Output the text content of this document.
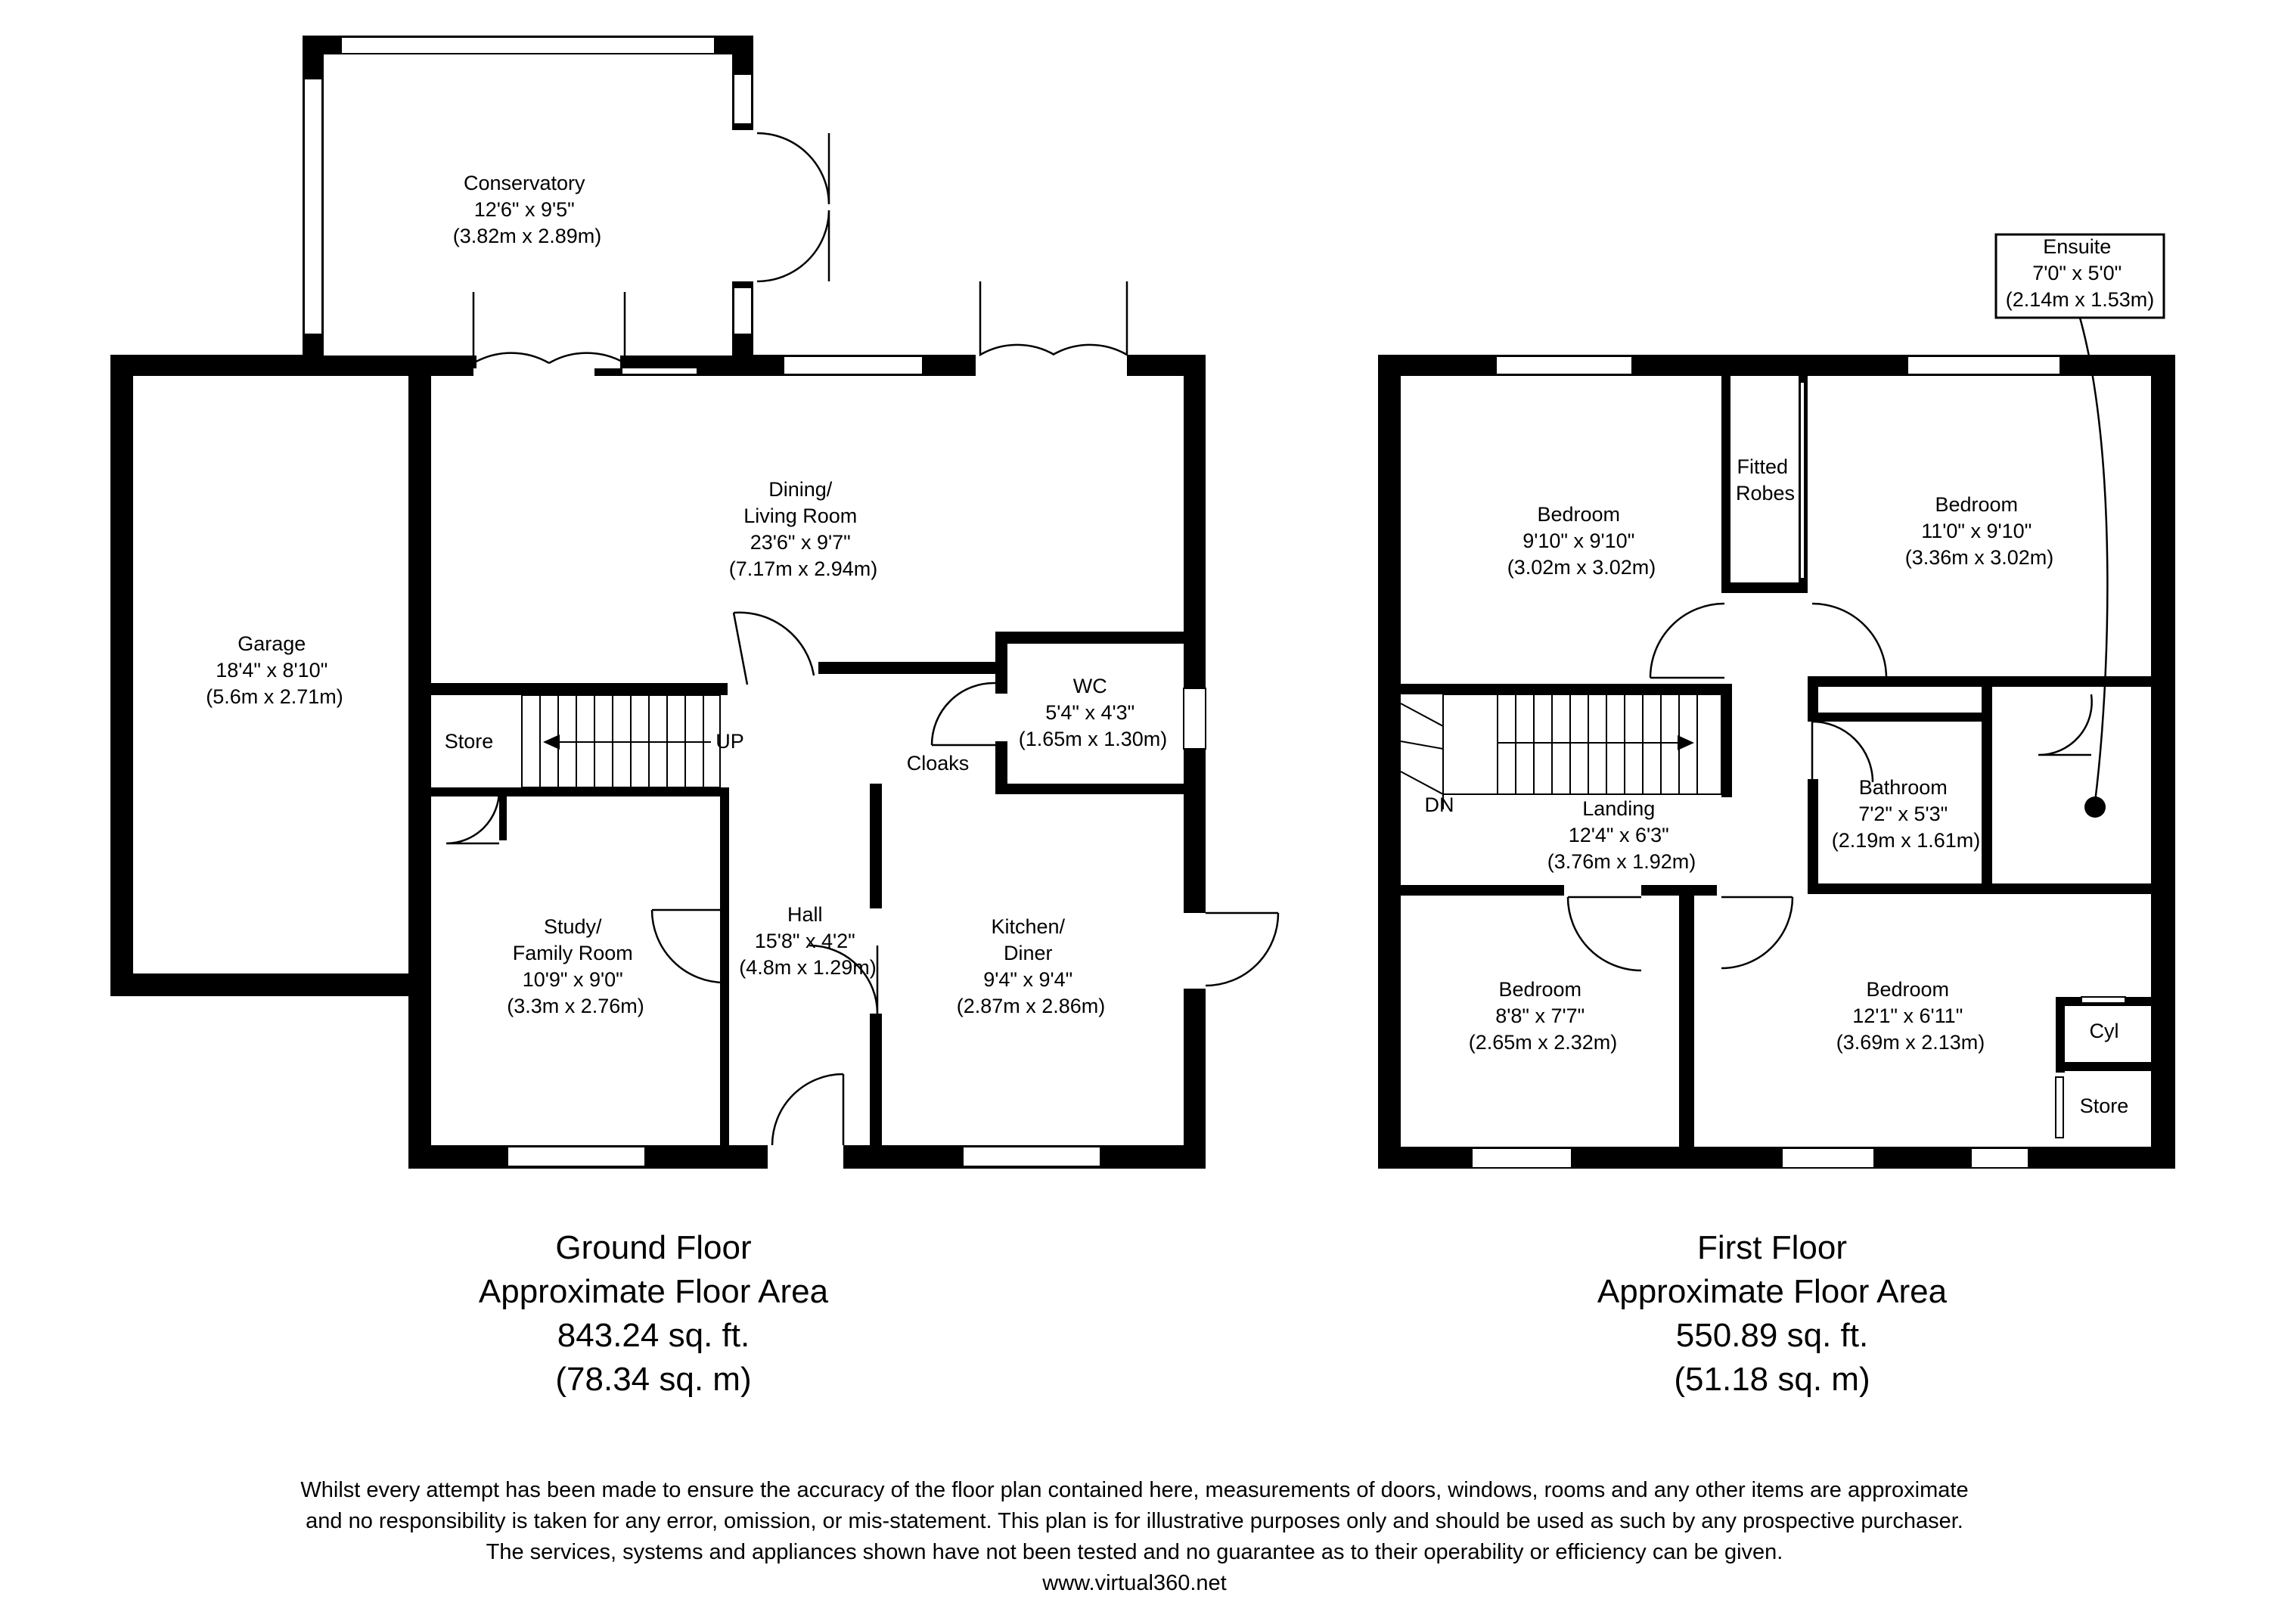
Conservatory 12'6" x 9'5" (3.82m x 2.89m)
Garage 18'4" x 8'10" (5.6m x 2.71m)
Dining/ Living Room 23'6" x 9'7" (7.17m x 2.94m)
WC 5'4" x 4'3" (1.65m x 1.30m)
Study/ Family Room 10'9" x 9'0" (3.3m x 2.76m)
Hall 15'8" x 4'2" (4.8m x 1.29m)
Kitchen/ Diner 9'4" x 9'4" (2.87m x 2.86m)
Bedroom 9'10" x 9'10" (3.02m x 3.02m)
Bedroom 11'0" x 9'10" (3.36m x 3.02m)
Fitted Robes
Ensuite 7'0" x 5'0" (2.14m x 1.53m)
Landing 12'4" x 6'3" (3.76m x 1.92m)
Bathroom 7'2" x 5'3" (2.19m x 1.61m)
Bedroom 8'8" x 7'7" (2.65m x 2.32m)
Bedroom 12'1" x 6'11" (3.69m x 2.13m)
Store	UP
Cloaks
DN
Cyl
Store
Ground Floor
Approximate Floor Area
843.24 sq. ft.
(78.34 sq. m)
First Floor
Approximate Floor Area
550.89 sq. ft.
(51.18 sq. m)
Whilst every attempt has been made to ensure the accuracy of the floor plan contained here, measurements of doors, windows, rooms and any other items are approximate
and no responsibility is taken for any error, omission, or mis-statement. This plan is for illustrative purposes only and should be used as such by any prospective purchaser.
The services, systems and appliances shown have not been tested and no guarantee as to their operability or efficiency can be given.
www.virtual360.net
